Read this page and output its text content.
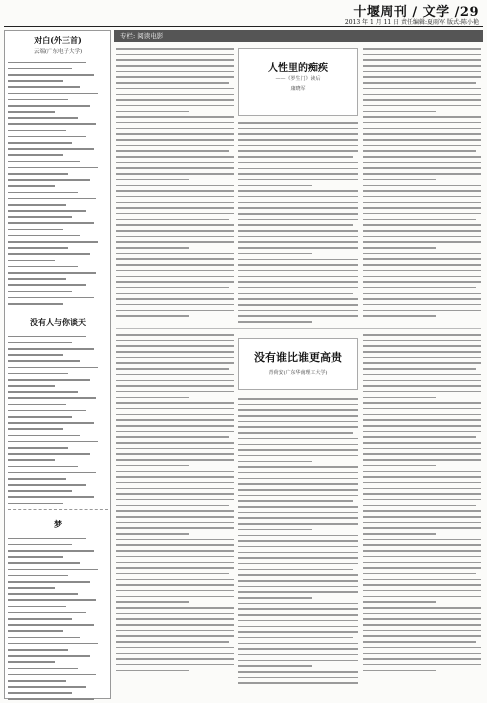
十堰周刊 / 文学 /29
2013 年 1 月 11 日 责任编辑:夏雨军 版式:陈小艳
对白(外三首)
云端(广东电子大学)
没有人与你谈天
梦
专栏: 阅读电影
人性里的痴疾
——《罗生门》读后
康晓军
没有谁比谁更高贵
青荷安(广东华南理工大学)
